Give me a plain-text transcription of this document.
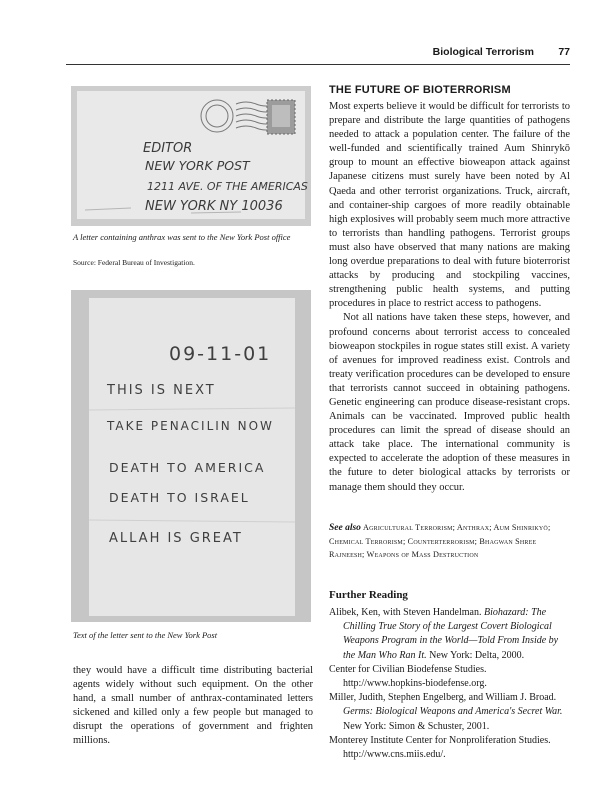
Biological Terrorism 77
EDITOR
NEW YORK POST
1211 AVE. OF THE AMERICAS
NEW YORK NY 10036
A letter containing anthrax was sent to the New York Post office
Source: Federal Bureau of Investigation.
09-11-01
THIS IS NEXT
TAKE PENACILIN NOW
DEATH TO AMERICA
DEATH TO ISRAEL
ALLAH IS GREAT
Text of the letter sent to the New York Post
they would have a difficult time distributing bacterial agents widely without such equipment. On the other hand, a small number of anthrax-contaminated letters sickened and killed only a few people but managed to disrupt the operations of government and frighten millions.
THE FUTURE OF BIOTERRORISM

Most experts believe it would be difficult for terrorists to prepare and distribute the large quantities of pathogens needed to attack a population center. The failure of the well-funded and scientifically trained Aum Shinrykō group to mount an effective bioweapon attack against Japanese citizens must surely have been noted by Al Qaeda and other terrorist organizations. Truck, aircraft, and container-ship cargoes of more readily obtainable high explosives will probably seem much more attractive to terrorists than handling pathogens. Terrorist groups must also have observed that many nations are making long overdue preparations to deal with future bioterrorist attacks by producing and stockpiling vaccines, strengthening public health systems, and putting procedures in place to restrict access to pathogens.

Not all nations have taken these steps, however, and profound concerns about terrorist access to concealed bioweapon stockpiles in rogue states still exist. A variety of avenues for improved readiness exist. Controls and treaty verification procedures can be developed to ensure that terrorists cannot succeed in obtaining pathogens. Genetic engineering can produce disease-resistant crops. Animals can be vaccinated. Improved public health procedures can limit the spread of disease should an attack take place. The international community is expected to accelerate the adoption of these measures in the future to deter biological attacks by terrorists or manage them should they occur.

See also Agricultural Terrorism; Anthrax; Aum Shinrikyō; Chemical Terrorism; Counterterrorism; Bhagwan Shree Rajneesh; Weapons of Mass Destruction
Further Reading
Alibek, Ken, with Steven Handelman. Biohazard: The Chilling True Story of the Largest Covert Biological Weapons Program in the World—Told From Inside by the Man Who Ran It. New York: Delta, 2000.
Center for Civilian Biodefense Studies. http://www.hopkins-biodefense.org.
Miller, Judith, Stephen Engelberg, and William J. Broad. Germs: Biological Weapons and America's Secret War. New York: Simon & Schuster, 2001.
Monterey Institute Center for Nonproliferation Studies. http://www.cns.miis.edu/.
